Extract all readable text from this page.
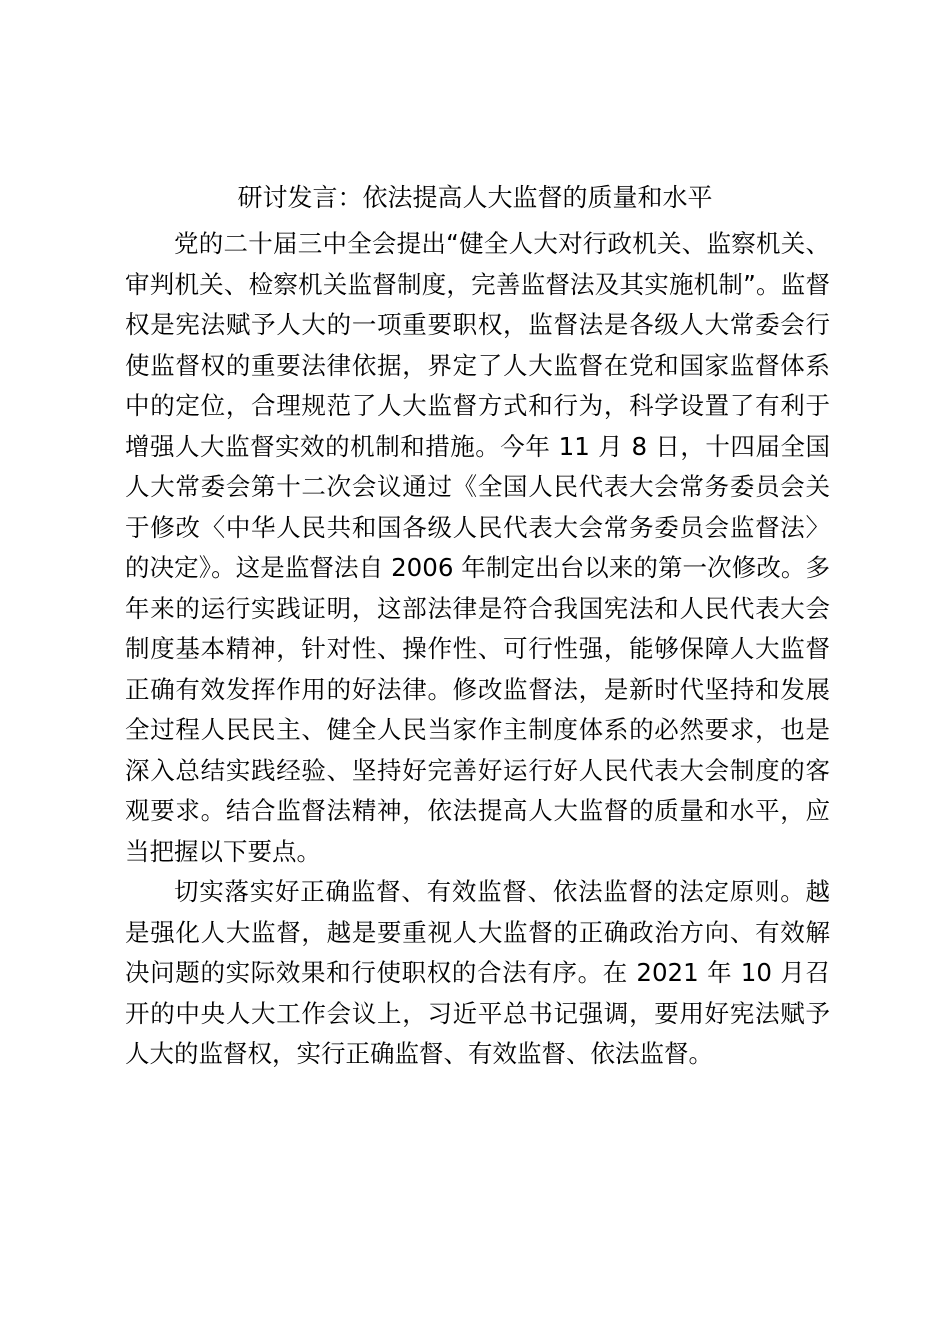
研讨发言：依法提高人大监督的质量和水平

党的二十届三中全会提出“健全人大对行政机关、监察机关、审判机关、检察机关监督制度，完善监督法及其实施机制”。监督权是宪法赋予人大的一项重要职权，监督法是各级人大常委会行使监督权的重要法律依据，界定了人大监督在党和国家监督体系中的定位，合理规范了人大监督方式和行为，科学设置了有利于增强人大监督实效的机制和措施。今年 11 月 8 日，十四届全国人大常委会第十二次会议通过《全国人民代表大会常务委员会关于修改〈中华人民共和国各级人民代表大会常务委员会监督法〉的决定》。这是监督法自 2006 年制定出台以来的第一次修改。多年来的运行实践证明，这部法律是符合我国宪法和人民代表大会制度基本精神，针对性、操作性、可行性强，能够保障人大监督正确有效发挥作用的好法律。修改监督法，是新时代坚持和发展全过程人民民主、健全人民当家作主制度体系的必然要求，也是深入总结实践经验、坚持好完善好运行好人民代表大会制度的客观要求。结合监督法精神，依法提高人大监督的质量和水平，应当把握以下要点。

切实落实好正确监督、有效监督、依法监督的法定原则。越是强化人大监督，越是要重视人大监督的正确政治方向、有效解决问题的实际效果和行使职权的合法有序。在 2021 年 10 月召开的中央人大工作会议上，习近平总书记强调，要用好宪法赋予人大的监督权，实行正确监督、有效监督、依法监督。
